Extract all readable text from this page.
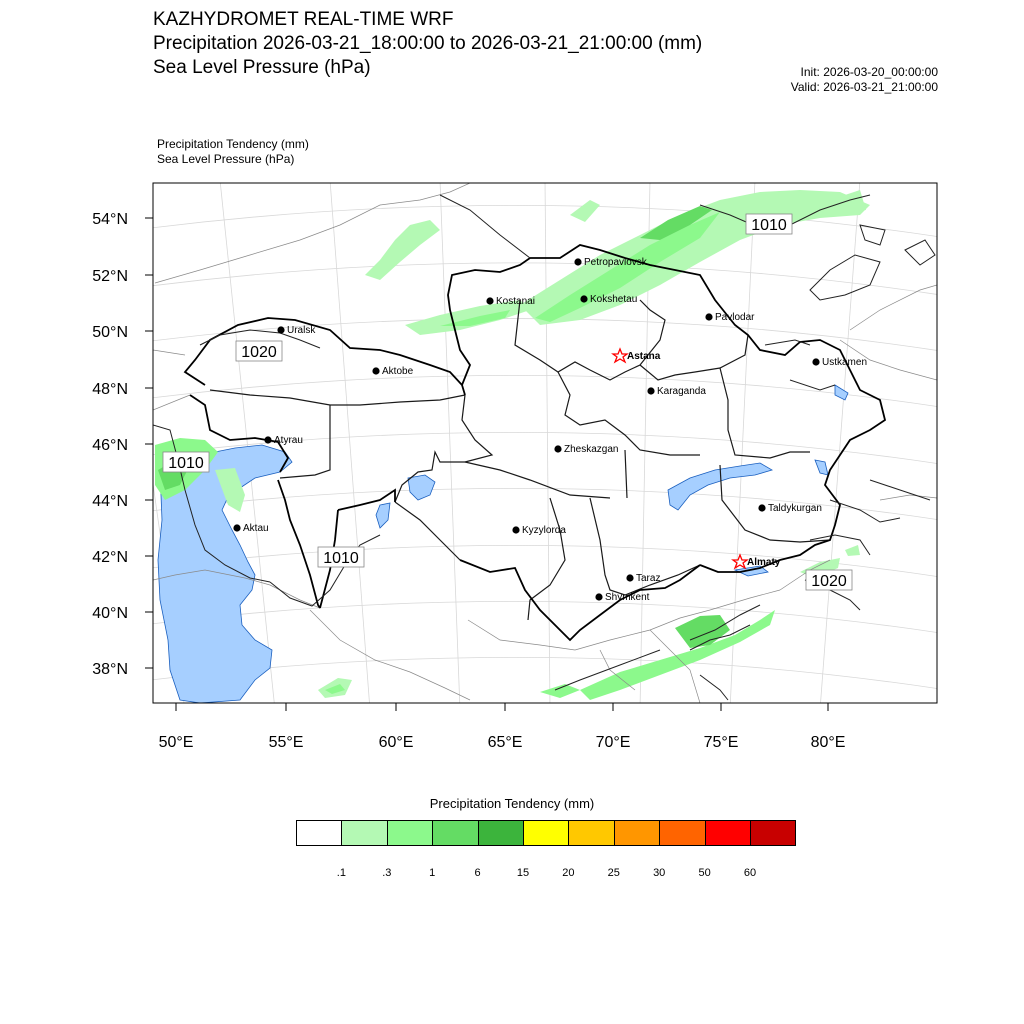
KAZHYDROMET REAL-TIME WRF
Precipitation 2026-03-21_18:00:00 to 2026-03-21_21:00:00 (mm)
Sea Level Pressure (hPa)	Init: 2026-03-20_00:00:00
Valid: 2026-03-21_21:00:00
Precipitation Tendency (mm)
Sea Level Pressure (hPa)
54°N
52°N
50°N
48°N
46°N
44°N
42°N
40°N
38°N
50°E	55°E	60°E	65°E	70°E	75°E	80°E
1010
1020
1010
1010
1020
Petropavlovsk
Kostanai	Kokshetau
Uralsk
Pavlodar
Astana
Aktobe
Ustkamen
Karaganda
Atyrau
Zheskazgan
Aktau	Kyzylorda
Taldykurgan
Almaty
Taraz
Shymkent
Precipitation Tendency (mm)
.1	.3	1	6	15	20	25	30	50	60
